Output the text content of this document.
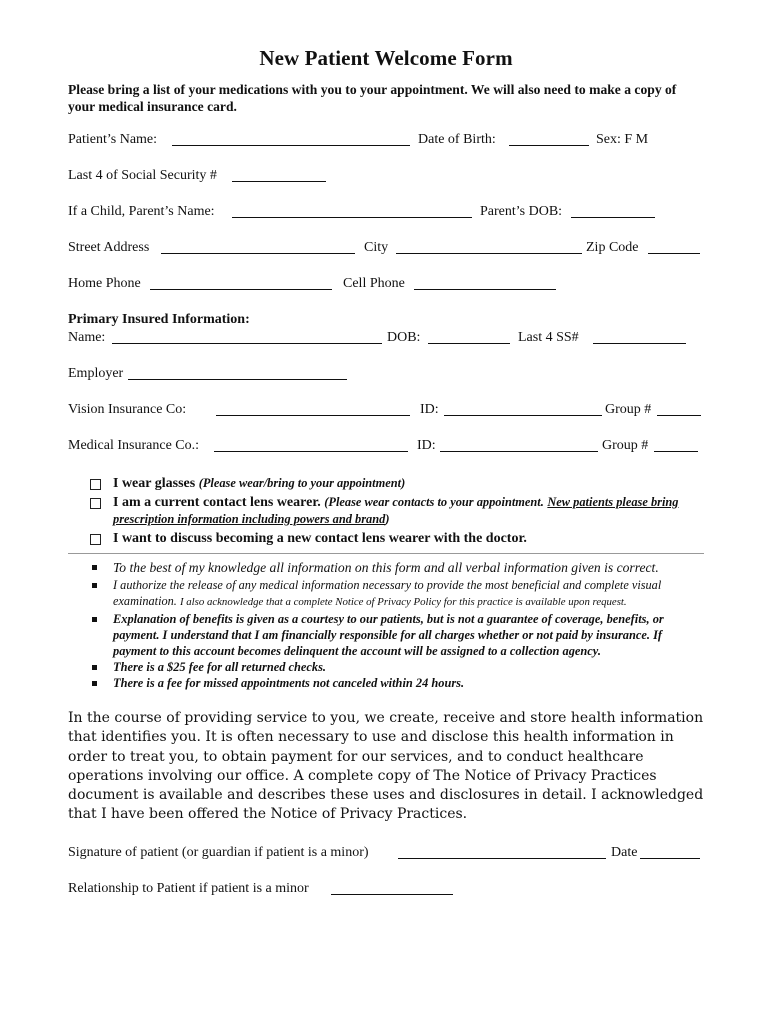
New Patient Welcome Form

Please bring a list of your medications with you to your appointment. We will also need to make a copy of your medical insurance card.

Patient’s Name:	Date of Birth:	Sex: F M
Last 4 of Social Security #
If a Child, Parent’s Name:	Parent’s DOB:
Street Address	City	Zip Code
Home Phone	Cell Phone
Primary Insured Information:
Name:	DOB:	Last 4 SS#
Employer
Vision Insurance Co:	ID:	Group #
Medical Insurance Co.:	ID:	Group #
I wear glasses (Please wear/bring to your appointment)
I am a current contact lens wearer. (Please wear contacts to your appointment. New patients please bring prescription information including powers and brand)
I want to discuss becoming a new contact lens wearer with the doctor.
To the best of my knowledge all information on this form and all verbal information given is correct.
I authorize the release of any medical information necessary to provide the most beneficial and complete visual examination. I also acknowledge that a complete Notice of Privacy Policy for this practice is available upon request.
Explanation of benefits is given as a courtesy to our patients, but is not a guarantee of coverage, benefits, or payment. I understand that I am financially responsible for all charges whether or not paid by insurance. If payment to this account becomes delinquent the account will be assigned to a collection agency.
There is a $25 fee for all returned checks.
There is a fee for missed appointments not canceled within 24 hours.

In the course of providing service to you, we create, receive and store health information that identifies you. It is often necessary to use and disclose this health information in order to treat you, to obtain payment for our services, and to conduct healthcare operations involving our office. A complete copy of The Notice of Privacy Practices document is available and describes these uses and disclosures in detail. I acknowledged that I have been offered the Notice of Privacy Practices.

Signature of patient (or guardian if patient is a minor)	Date
Relationship to Patient if patient is a minor
